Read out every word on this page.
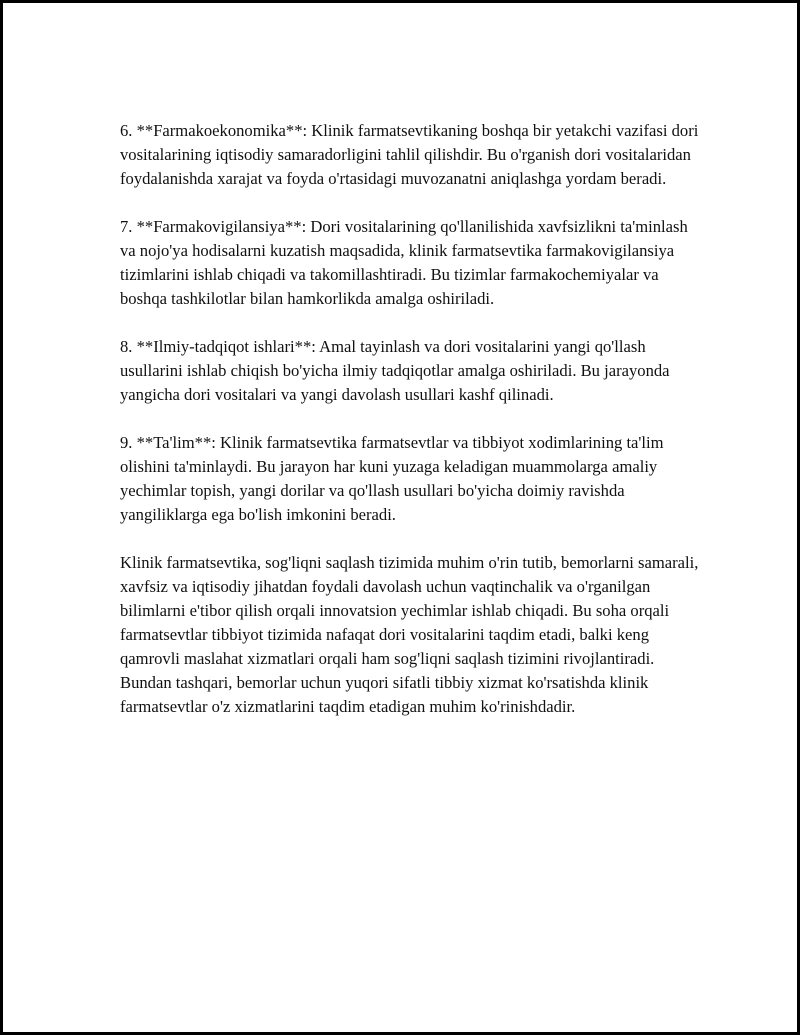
6. **Farmakoekonomika**: Klinik farmatsevtikaning boshqa bir yetakchi vazifasi dori vositalarining iqtisodiy samaradorligini tahlil qilishdir. Bu o'rganish dori vositalaridan foydalanishda xarajat va foyda o'rtasidagi muvozanatni aniqlashga yordam beradi.

7. **Farmakovigilansiya**: Dori vositalarining qo'llanilishida xavfsizlikni ta'minlash va nojo'ya hodisalarni kuzatish maqsadida, klinik farmatsevtika farmakovigilansiya tizimlarini ishlab chiqadi va takomillashtiradi. Bu tizimlar farmakochemiyalar va boshqa tashkilotlar bilan hamkorlikda amalga oshiriladi.

8. **Ilmiy-tadqiqot ishlari**: Amal tayinlash va dori vositalarini yangi qo'llash usullarini ishlab chiqish bo'yicha ilmiy tadqiqotlar amalga oshiriladi. Bu jarayonda yangicha dori vositalari va yangi davolash usullari kashf qilinadi.

9. **Ta'lim**: Klinik farmatsevtika farmatsevtlar va tibbiyot xodimlarining ta'lim olishini ta'minlaydi. Bu jarayon har kuni yuzaga keladigan muammolarga amaliy yechimlar topish, yangi dorilar va qo'llash usullari bo'yicha doimiy ravishda yangiliklarga ega bo'lish imkonini beradi.

Klinik farmatsevtika, sog'liqni saqlash tizimida muhim o'rin tutib, bemorlarni samarali, xavfsiz va iqtisodiy jihatdan foydali davolash uchun vaqtinchalik va o'rganilgan bilimlarni e'tibor qilish orqali innovatsion yechimlar ishlab chiqadi. Bu soha orqali farmatsevtlar tibbiyot tizimida nafaqat dori vositalarini taqdim etadi, balki keng qamrovli maslahat xizmatlari orqali ham sog'liqni saqlash tizimini rivojlantiradi. Bundan tashqari, bemorlar uchun yuqori sifatli tibbiy xizmat ko'rsatishda klinik farmatsevtlar o'z xizmatlarini taqdim etadigan muhim ko'rinishdadir.
